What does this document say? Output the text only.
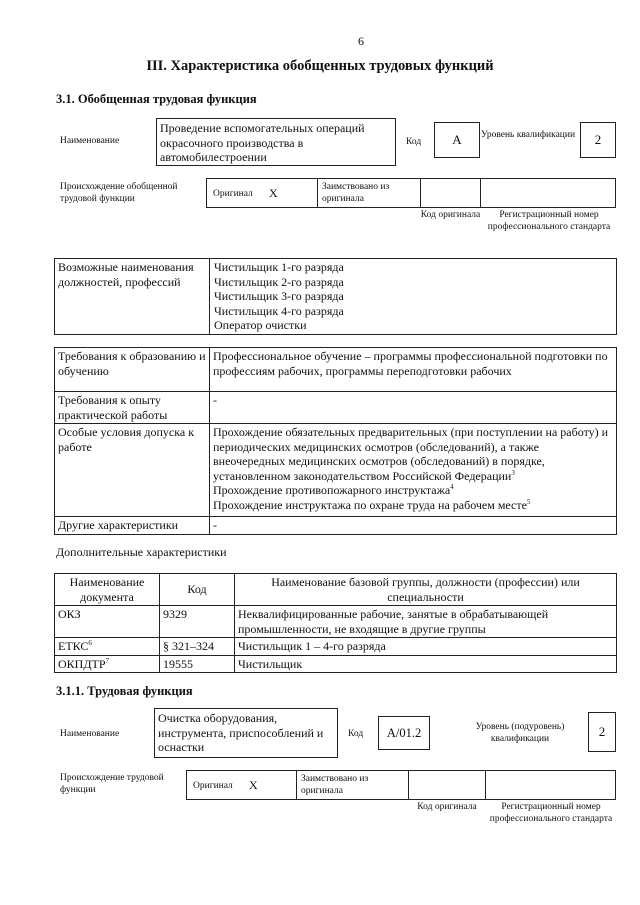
6
III. Характеристика обобщенных трудовых функций
3.1. Обобщенная трудовая функция
Наименование
Проведение вспомогательных операций окрасочного производства в автомобилестроении
Код	А	Уровень квалификации	2
Происхождение обобщенной трудовой функции	Оригинал X	Заимствовано из оригинала
Код оригинала	Регистрационный номер профессионального стандарта
Возможные наименования должностей, профессий	
Чистильщик 1-го разряда
Чистильщик 2-го разряда
Чистильщик 3-го разряда
Чистильщик 4-го разряда
Оператор очистки
Требования к образованию и обучению	Профессиональное обучение – программы профессиональной подготовки по профессиям рабочих, программы переподготовки рабочих
Требования к опыту практической работы	-
Особые условия допуска к работе	Прохождение обязательных предварительных (при поступлении на работу) и периодических медицинских осмотров (обследований), а также внеочередных медицинских осмотров (обследований) в порядке, установленном законодательством Российской Федерации$^3$
Прохождение противопожарного инструктажа$^4$
Прохождение инструктажа по охране труда на рабочем месте$^5$

Другие характеристики	-
Дополнительные характеристики
Наименование документа	Код	Наименование базовой группы, должности (профессии) или специальности
ОКЗ	9329	Неквалифицированные рабочие, занятые в обрабатывающей промышленности, не входящие в другие группы
ЕТКС$^6$	§ 321–324	Чистильщик 1 – 4-го разряда
ОКПДТР$^7$	19555	Чистильщик
3.1.1. Трудовая функция
Наименование
Очистка оборудования, инструмента, приспособлений и оснастки
Код	А/01.2	Уровень (подуровень) квалификации	2
Происхождение трудовой функции	Оригинал X	Заимствовано из оригинала
Код оригинала	Регистрационный номер профессионального стандарта
